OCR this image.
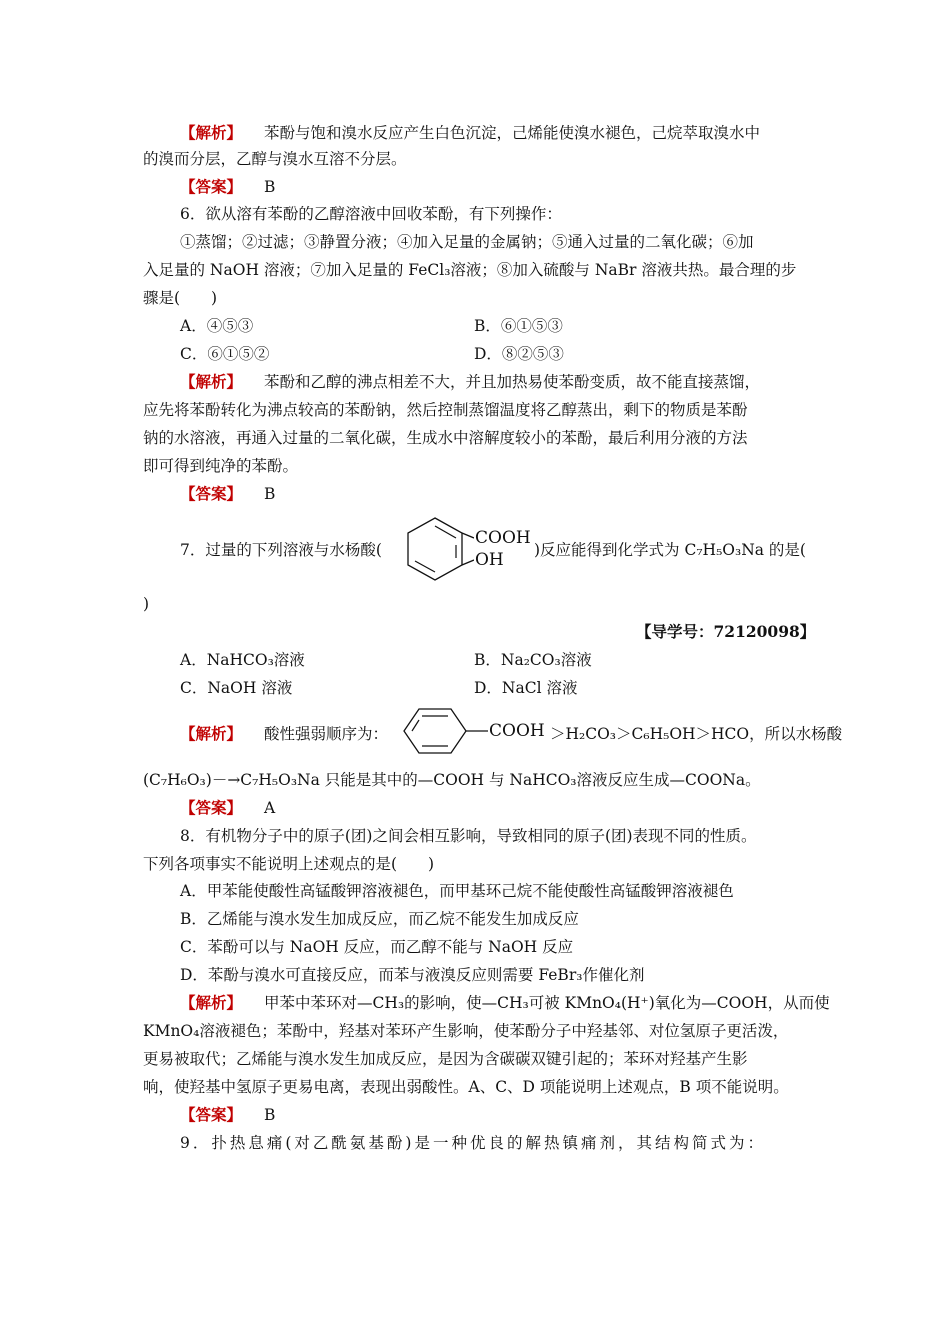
【解析】 苯酚与饱和溴水反应产生白色沉淀，己烯能使溴水褪色，己烷萃取溴水中
的溴而分层，乙醇与溴水互溶不分层。
【答案】 B
6．欲从溶有苯酚的乙醇溶液中回收苯酚，有下列操作：
①蒸馏；②过滤；③静置分液；④加入足量的金属钠；⑤通入过量的二氧化碳；⑥加
入足量的 NaOH 溶液；⑦加入足量的 FeCl₃溶液；⑧加入硫酸与 NaBr 溶液共热。最合理的步
骤是(　　)
A．④⑤③	B．⑥①⑤③
C．⑥①⑤②	D．⑧②⑤③
【解析】 苯酚和乙醇的沸点相差不大，并且加热易使苯酚变质，故不能直接蒸馏，
应先将苯酚转化为沸点较高的苯酚钠，然后控制蒸馏温度将乙醇蒸出，剩下的物质是苯酚
钠的水溶液，再通入过量的二氧化碳，生成水中溶解度较小的苯酚，最后利用分液的方法
即可得到纯净的苯酚。
【答案】 B
7．过量的下列溶液与水杨酸(
COOH
OH )反应能得到化学式为 C₇H₅O₃Na 的是(
)
【导学号：72120098】
A．NaHCO₃溶液	B．Na₂CO₃溶液
C．NaOH 溶液	D．NaCl 溶液
【解析】 酸性强弱顺序为：	COOH ＞H₂CO₃＞C₆H₅OH＞HCO，所以水杨酸
(C₇H₆O₃)－→C₇H₅O₃Na 只能是其中的—COOH 与 NaHCO₃溶液反应生成—COONa。
【答案】 A
8．有机物分子中的原子(团)之间会相互影响，导致相同的原子(团)表现不同的性质。
下列各项事实不能说明上述观点的是(　　)
A．甲苯能使酸性高锰酸钾溶液褪色，而甲基环己烷不能使酸性高锰酸钾溶液褪色
B．乙烯能与溴水发生加成反应，而乙烷不能发生加成反应
C．苯酚可以与 NaOH 反应，而乙醇不能与 NaOH 反应
D．苯酚与溴水可直接反应，而苯与液溴反应则需要 FeBr₃作催化剂
【解析】 甲苯中苯环对—CH₃的影响，使—CH₃可被 KMnO₄(H⁺)氧化为—COOH，从而使
KMnO₄溶液褪色；苯酚中，羟基对苯环产生影响，使苯酚分子中羟基邻、对位氢原子更活泼，
更易被取代；乙烯能与溴水发生加成反应，是因为含碳碳双键引起的；苯环对羟基产生影
响，使羟基中氢原子更易电离，表现出弱酸性。A、C、D 项能说明上述观点，B 项不能说明。
【答案】 B
9．扑热息痛(对乙酰氨基酚)是一种优良的解热镇痛剂，其结构简式为：
